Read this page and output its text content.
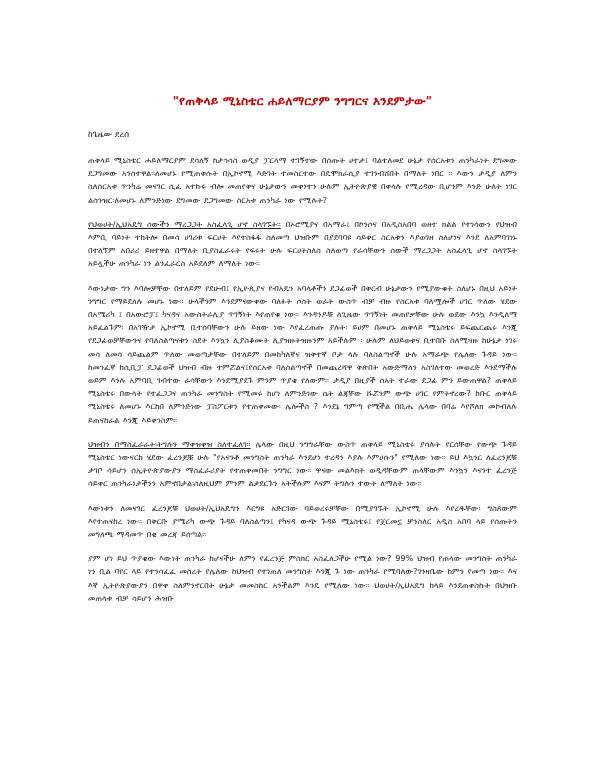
"የጠቅላይ ሚኒስቴር ሐይለማርያም ንግግርና እንደምታው"
ከጌዜው ደረሰ

ጠቅላይ ሚኒስቴር ሐይለማርያም ደሳለኝ ከታኅሳስ ወዲያ ፓርላማ ተገኝተው በሰጡት ሀተታ፤ ባልተለመደ ሁኔታ የሰርአቱን ጠንካራነት ደግመው ደጋግመው አንስተዋል፡፡ለመሆኑ የሚጠቅሱት በኢኮኖሚ እድገት ተመስርተው በዴሞክራሲያ ተገንብሸበት በማለት ነበር ፡፡ እውን ታዲያ ለምን ስለሰርአቱ ጥንካሬ መናገር ሲፈ አተኩሩ ብሎ መጠየቅና ሁኔታውን መቀነተን ሁሉም ኢትዮጵያዊ በቀላሉ የሚረዳው ቢሆንም እንድ ሁለት ነገር ልሰንዝር፡ለመሆኑ ለምንድነው ደግመው ደጋግመው ስርአቱ ጠንካራ ነው የሚሉት?

የህወሀት/ኢህአዴግ ሰውችን ማረጋጋት አስፈላጊ ሆኖ ስላገኙት፡፡ በኦሮሚያና በአማራ፤ በኮንሶና በአዲስአበባ ወዘተ ክልል የተነሳውን የህዝብ እምቢ ባይነት ተከትሎ በመሳ ሀገሪቱ ፍርሀት እየተስፋፋ ስለመጣ ህዝቡም በያደባባዩ ሳይቀር ስርአቱን እያወገዘ ስለሆነና እንደ ለአምባገነኑ በተለኘም አበሪሪ ይዘተዋል በማለት ቢያስፈራሩት የፍሩት ሁሉ ፍርሀትስለስ ስለወጣ የራሳቸውን ሰውች ማረጋጋት አስፈላጊ ሆኖ ስላገኙት አይሏችሁ ጠንካራ ነን ልንፈራርስ አይደለም ለማለት ነው፡፡

እውነታው ግን እባሎቻቸው በተለይም የደሁብ፤ የኢዮጲያና የብአዴን አባላቶችን ደጋፊወች በቅርብ ሁኔታውን የሚያውቁት ስለሆኑ በዚህ አይነት ንግግር የማይደለሉ መሆኑ ነው፡፡ ሁላችንም እንደምናውቀው ባለፉት ሶስት ወራት ውስጥ ብቻ ብዙ የስርአቱ ባለሟሎች ሀገር ጥለው ሄደው በአሜሪካ ፤ በአውሮፓ፤ ካናዳና አውስትራሊያ ጥገኝነት እየጠየቁ ነው፡፡ እንዳንዶቹ ለጊዜው ጥገኝነት መጠየቃቸው ሁሉ ወደው እንኳ እንዲለማ አይፈልጉም፡ በአገዥታ ኢኮኖሚ ቢተሰባቸውን ሁሉ ይዘው ነው እየፈረጠጡ ያሉት፡ ይሀም በመሆኑ ጠቅላይ ሚኒስቴሩ ይፍጨርጨሩ እንጂ የደጋፊወቻቸውንና የባለስልጣናቱን ስደት እንኳን ሊያስቆሙት ሊያዝዙትዝዙንም አይችሉም ፡ ሁሉም ለህይወቱና ቢተበቡ ስለሚጓዙ ከሁኔታ ነገሩ መሳ ለመሳ ሳይጨልም ጥለው መወጣታቸው በተለይም በመከካለኛና ዝቅተኛ ቦታ ላሉ ባለስልጣኖች ሁሉ አማራጭ የሌለው ጉዳይ ነው፡፡ ከመንፈኛ ከሲቢፓ ደጋፊወች ህዝብ ብዙ ተምሯልና፤የሰርአቱ ባለስልጣኖች በመጨረሻዋ ቅጽበት አውድማለን አስገለተው መወረድ እንደማችሉ ወይም እንሉ አምባቢ ገብተው ራሳቸውን እንደሚያደጉ ምንም ጥያቄ የለውም፡፡ ታዲያ በዚያች ሰአት ተራው ደጋፊ ምን ይውጠዋል? ጠቅላይ ሚኒስቴሩ በውላት የተፈጋጋና ጠንካራ መንግስት የሚመሩ ከሆነ ለምንድነው ሴት ልጃቸው ሹሯንም ውጭ ሀገር የምትኖረው? ከቡር ጠቅላይ ሚኒስቴሩ ለመሆኑ እርከበ ለምንድነው ፓስፖርቱን የተጠቀመው፡ ሌሎችስ ? እንደኔ ግምጣ የሚችል በቢሔ ሌላው በባሬ እየሾለክ መኮብለሉ ይጠናከራል እንጂ እይቀንስም፡፡

ህዝብን በማስፈራራት፡ትግሉን ማቀዝቀዝ ስለተፈለገ፡፡ ሌላው በዚህ ንግግራቸው ውስጥ ጠቅላይ ሚኒስቴሩ ያሳሉት የርሰቸው የውጭ ጉዳይ ሚኒስቴር ነውናርከ ሄደው ፈረንጆቹ ሁሉ "የአናንቶ መንግስት ጠንካራ እንደሆነ ተረዳን እያሉ እምሀሱን" የሚለው ነው፡፡ ይህ እኳንር ለፈረንጆቹ ታገቦ ሳይሆን ሰኢትዮጵያውያን ማስፈራሪያት የተጠቀመበት ንግግር ነው፡፡ ዋናው መልእክት ወዲዳቸውም ጠላቸውም እንኳን እናንተ ፈረንጅ ሳይቀር ጠንካራነታችንን አምኖበታል፡ስለዚህም ምንም ልታደርጉን አትችሉም እናም ትግሉን ተውት ለማለት ነው፡፡

እውነቱን ለመናገር ፈረንጆቹ ህወሀት/ኢህአዴግን እርግዩ አድርገው ባይወረሩቻቸው በሚያገኙት ኢኮኖሚ ሁሉ እየረዱቸው፡ ግስጸውም እየተጠናከረ ነው፡፡ በቅርቡ ያሜሪካ ውጭ ጉዳይ ባለስልጣን፤ የካናዳ ውጭ ጉዳይ ሚኒስቴሩ፤ የጀርመኗ ቻንስለር አዲስ አበባ ላይ የሰጡትን መግለጫ ማዳመጥ በቂ መረጃ ይሰጣል፡፡

ያም ሆነ ይህ ጥያቄው እውነት ጠንካራ ከሆናችሁ ለምን የፈረንጅ ምስክር አስፈለጋችሁ የሚል ነው? 99% ህዝብ የጠላው መንግስት ጠንካራ ነን ቢል ባየር ላይ የተንሳፈፈ መስረት የሌለው ከህዝብ የተነጠለ መንግስት እንጂ ጉ ነው ጠንካራ የሚባለው?ገንዛቤው ከምን የመጣ ነው፡፡ እና እኛ ኢትዮጵያውያን በዋቀ ስለምንኖርበት ሁኔታ መመስከር አንችልም እንዴ የሚለው ነው፡፡ ህወሀት/ኢህአዴግ ከላይ እንደጠቀስኩት በህዝቡ መጠላቱ ብቻ ሳይሆን ሕዝቡ
